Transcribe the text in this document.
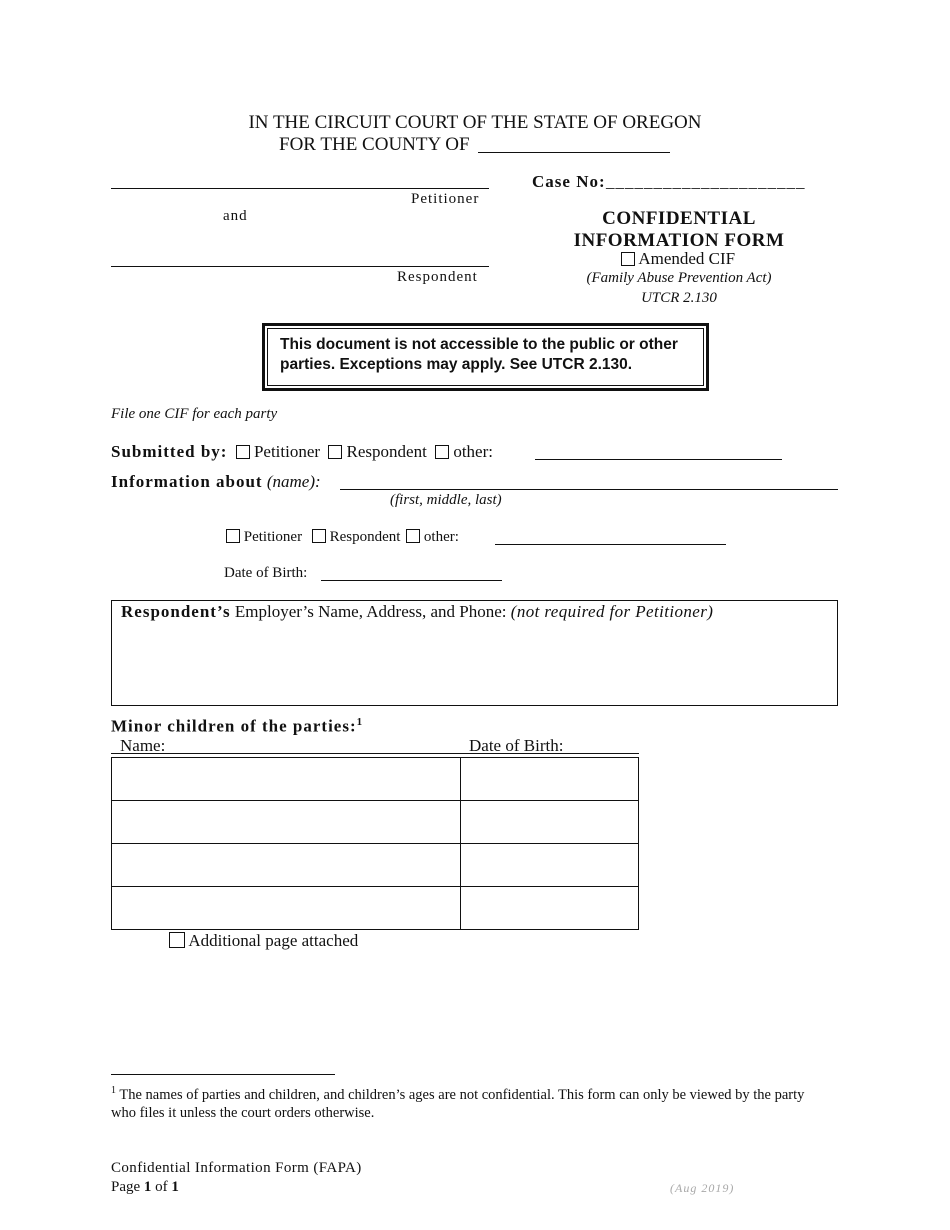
IN THE CIRCUIT COURT OF THE STATE OF OREGON
FOR THE COUNTY OF
Case No: _____________________
Petitioner
and
Respondent
CONFIDENTIAL
INFORMATION FORM
Amended CIF
(Family Abuse Prevention Act)
UTCR 2.130
This document is not accessible to the public or other
parties. Exceptions may apply. See UTCR 2.130.
File one CIF for each party
Submitted by: Petitioner Respondent other:
Information about (name):
(first, middle, last)
Petitioner Respondent other:
Date of Birth:
Respondent’s Employer’s Name, Address, and Phone: (not required for Petitioner)
Minor children of the parties:$^1$
Name:	Date of Birth:

Additional page attached
$^1$ The names of parties and children, and children’s ages are not confidential. This form can only be viewed by the party who files it unless the court orders otherwise.
Confidential Information Form (FAPA)
Page 1 of 1	(Aug 2019)
